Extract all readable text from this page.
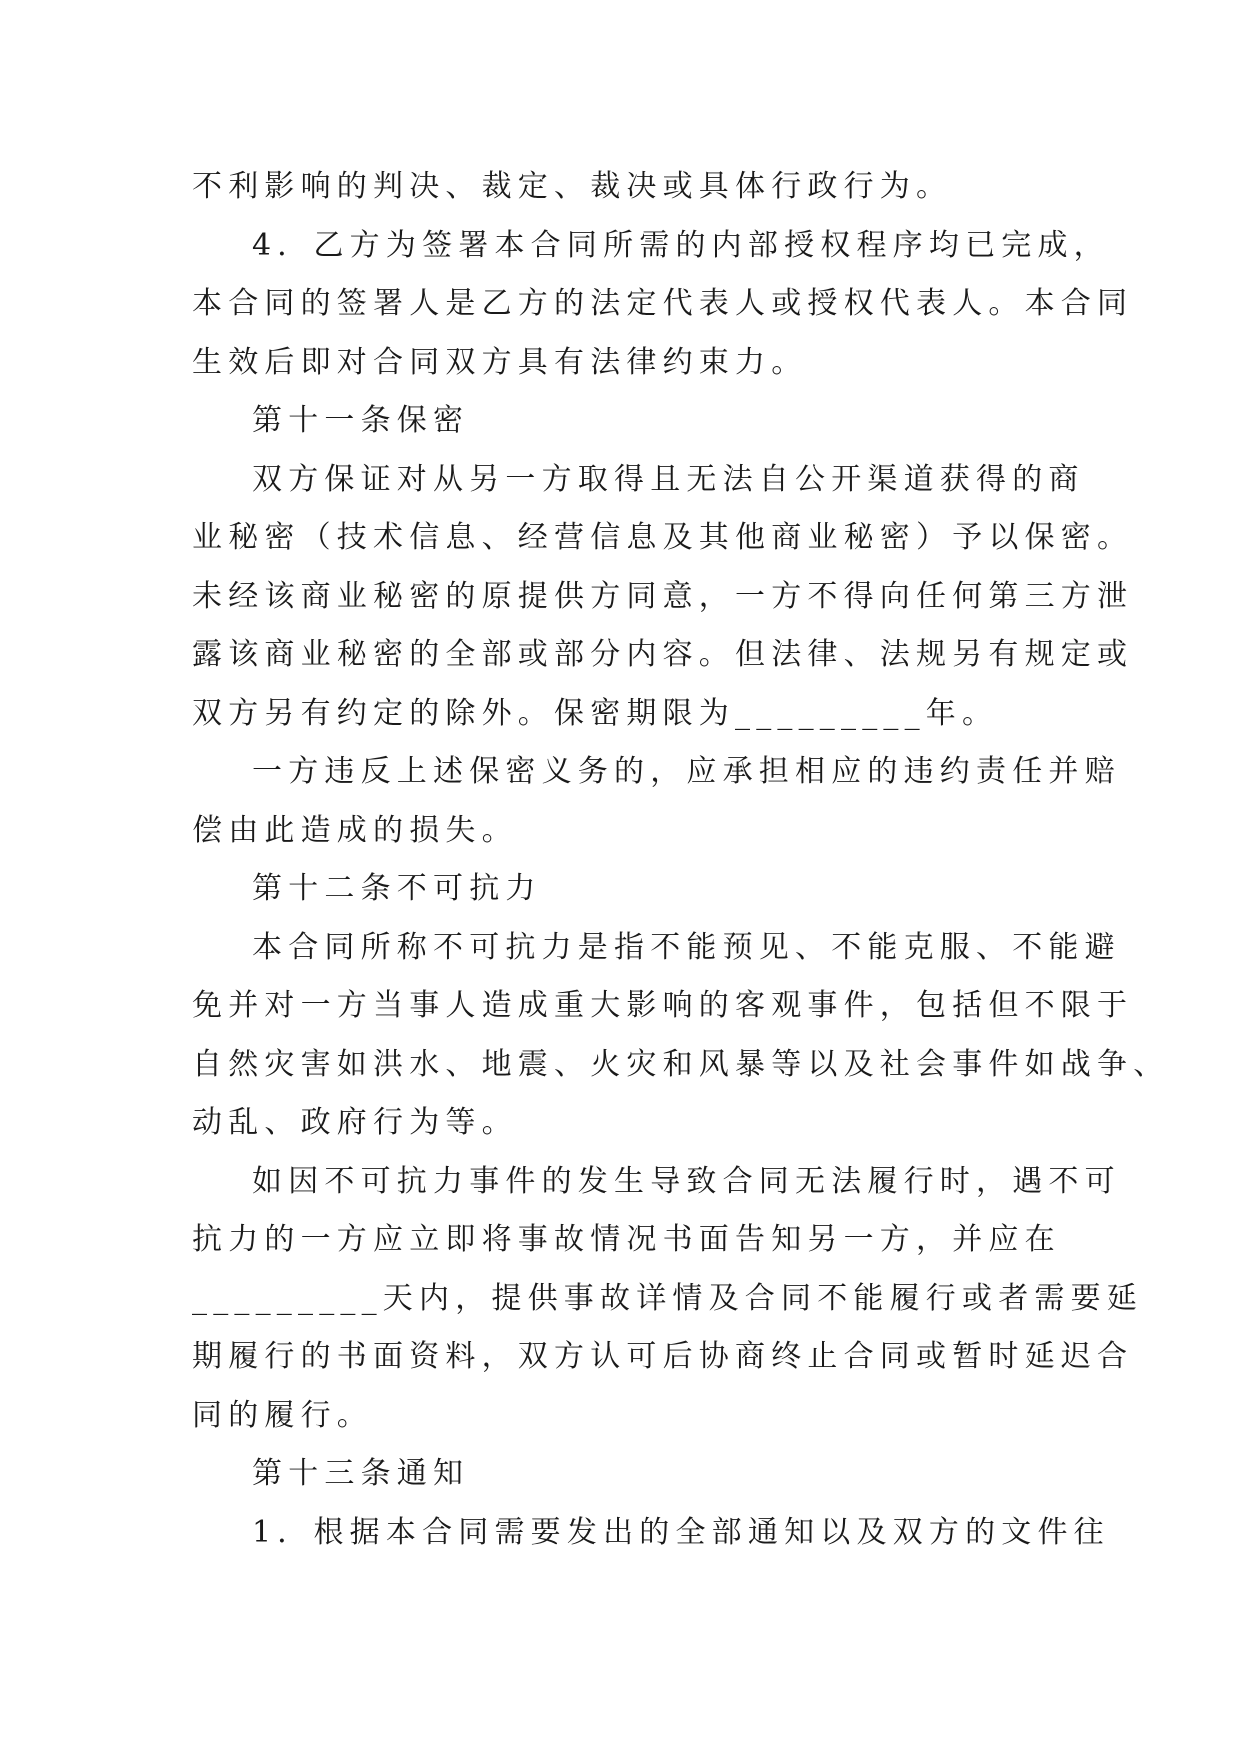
不利影响的判决、裁定、裁决或具体行政行为。
4．乙方为签署本合同所需的内部授权程序均已完成，
本合同的签署人是乙方的法定代表人或授权代表人。本合同
生效后即对合同双方具有法律约束力。
第十一条保密
双方保证对从另一方取得且无法自公开渠道获得的商
业秘密（技术信息、经营信息及其他商业秘密）予以保密。
未经该商业秘密的原提供方同意，一方不得向任何第三方泄
露该商业秘密的全部或部分内容。但法律、法规另有规定或
双方另有约定的除外。保密期限为_________年。
一方违反上述保密义务的，应承担相应的违约责任并赔
偿由此造成的损失。
第十二条不可抗力
本合同所称不可抗力是指不能预见、不能克服、不能避
免并对一方当事人造成重大影响的客观事件，包括但不限于
自然灾害如洪水、地震、火灾和风暴等以及社会事件如战争、
动乱、政府行为等。
如因不可抗力事件的发生导致合同无法履行时，遇不可
抗力的一方应立即将事故情况书面告知另一方，并应在
_________天内，提供事故详情及合同不能履行或者需要延
期履行的书面资料，双方认可后协商终止合同或暂时延迟合
同的履行。
第十三条通知
1．根据本合同需要发出的全部通知以及双方的文件往
